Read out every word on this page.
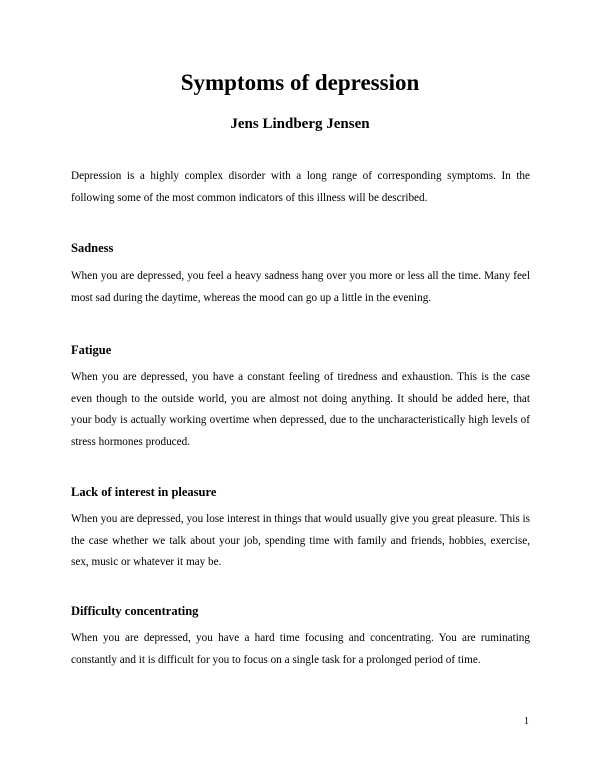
Symptoms of depression
Jens Lindberg Jensen

Depression is a highly complex disorder with a long range of corresponding symptoms. In the following some of the most common indicators of this illness will be described.

Sadness

When you are depressed, you feel a heavy sadness hang over you more or less all the time. Many feel most sad during the daytime, whereas the mood can go up a little in the evening.

Fatigue

When you are depressed, you have a constant feeling of tiredness and exhaustion. This is the case even though to the outside world, you are almost not doing anything. It should be added here, that your body is actually working overtime when depressed, due to the uncharacteristically high levels of stress hormones produced.

Lack of interest in pleasure

When you are depressed, you lose interest in things that would usually give you great pleasure. This is the case whether we talk about your job, spending time with family and friends, hobbies, exercise, sex, music or whatever it may be.

Difficulty concentrating

When you are depressed, you have a hard time focusing and concentrating. You are ruminating constantly and it is difficult for you to focus on a single task for a prolonged period of time.

1
